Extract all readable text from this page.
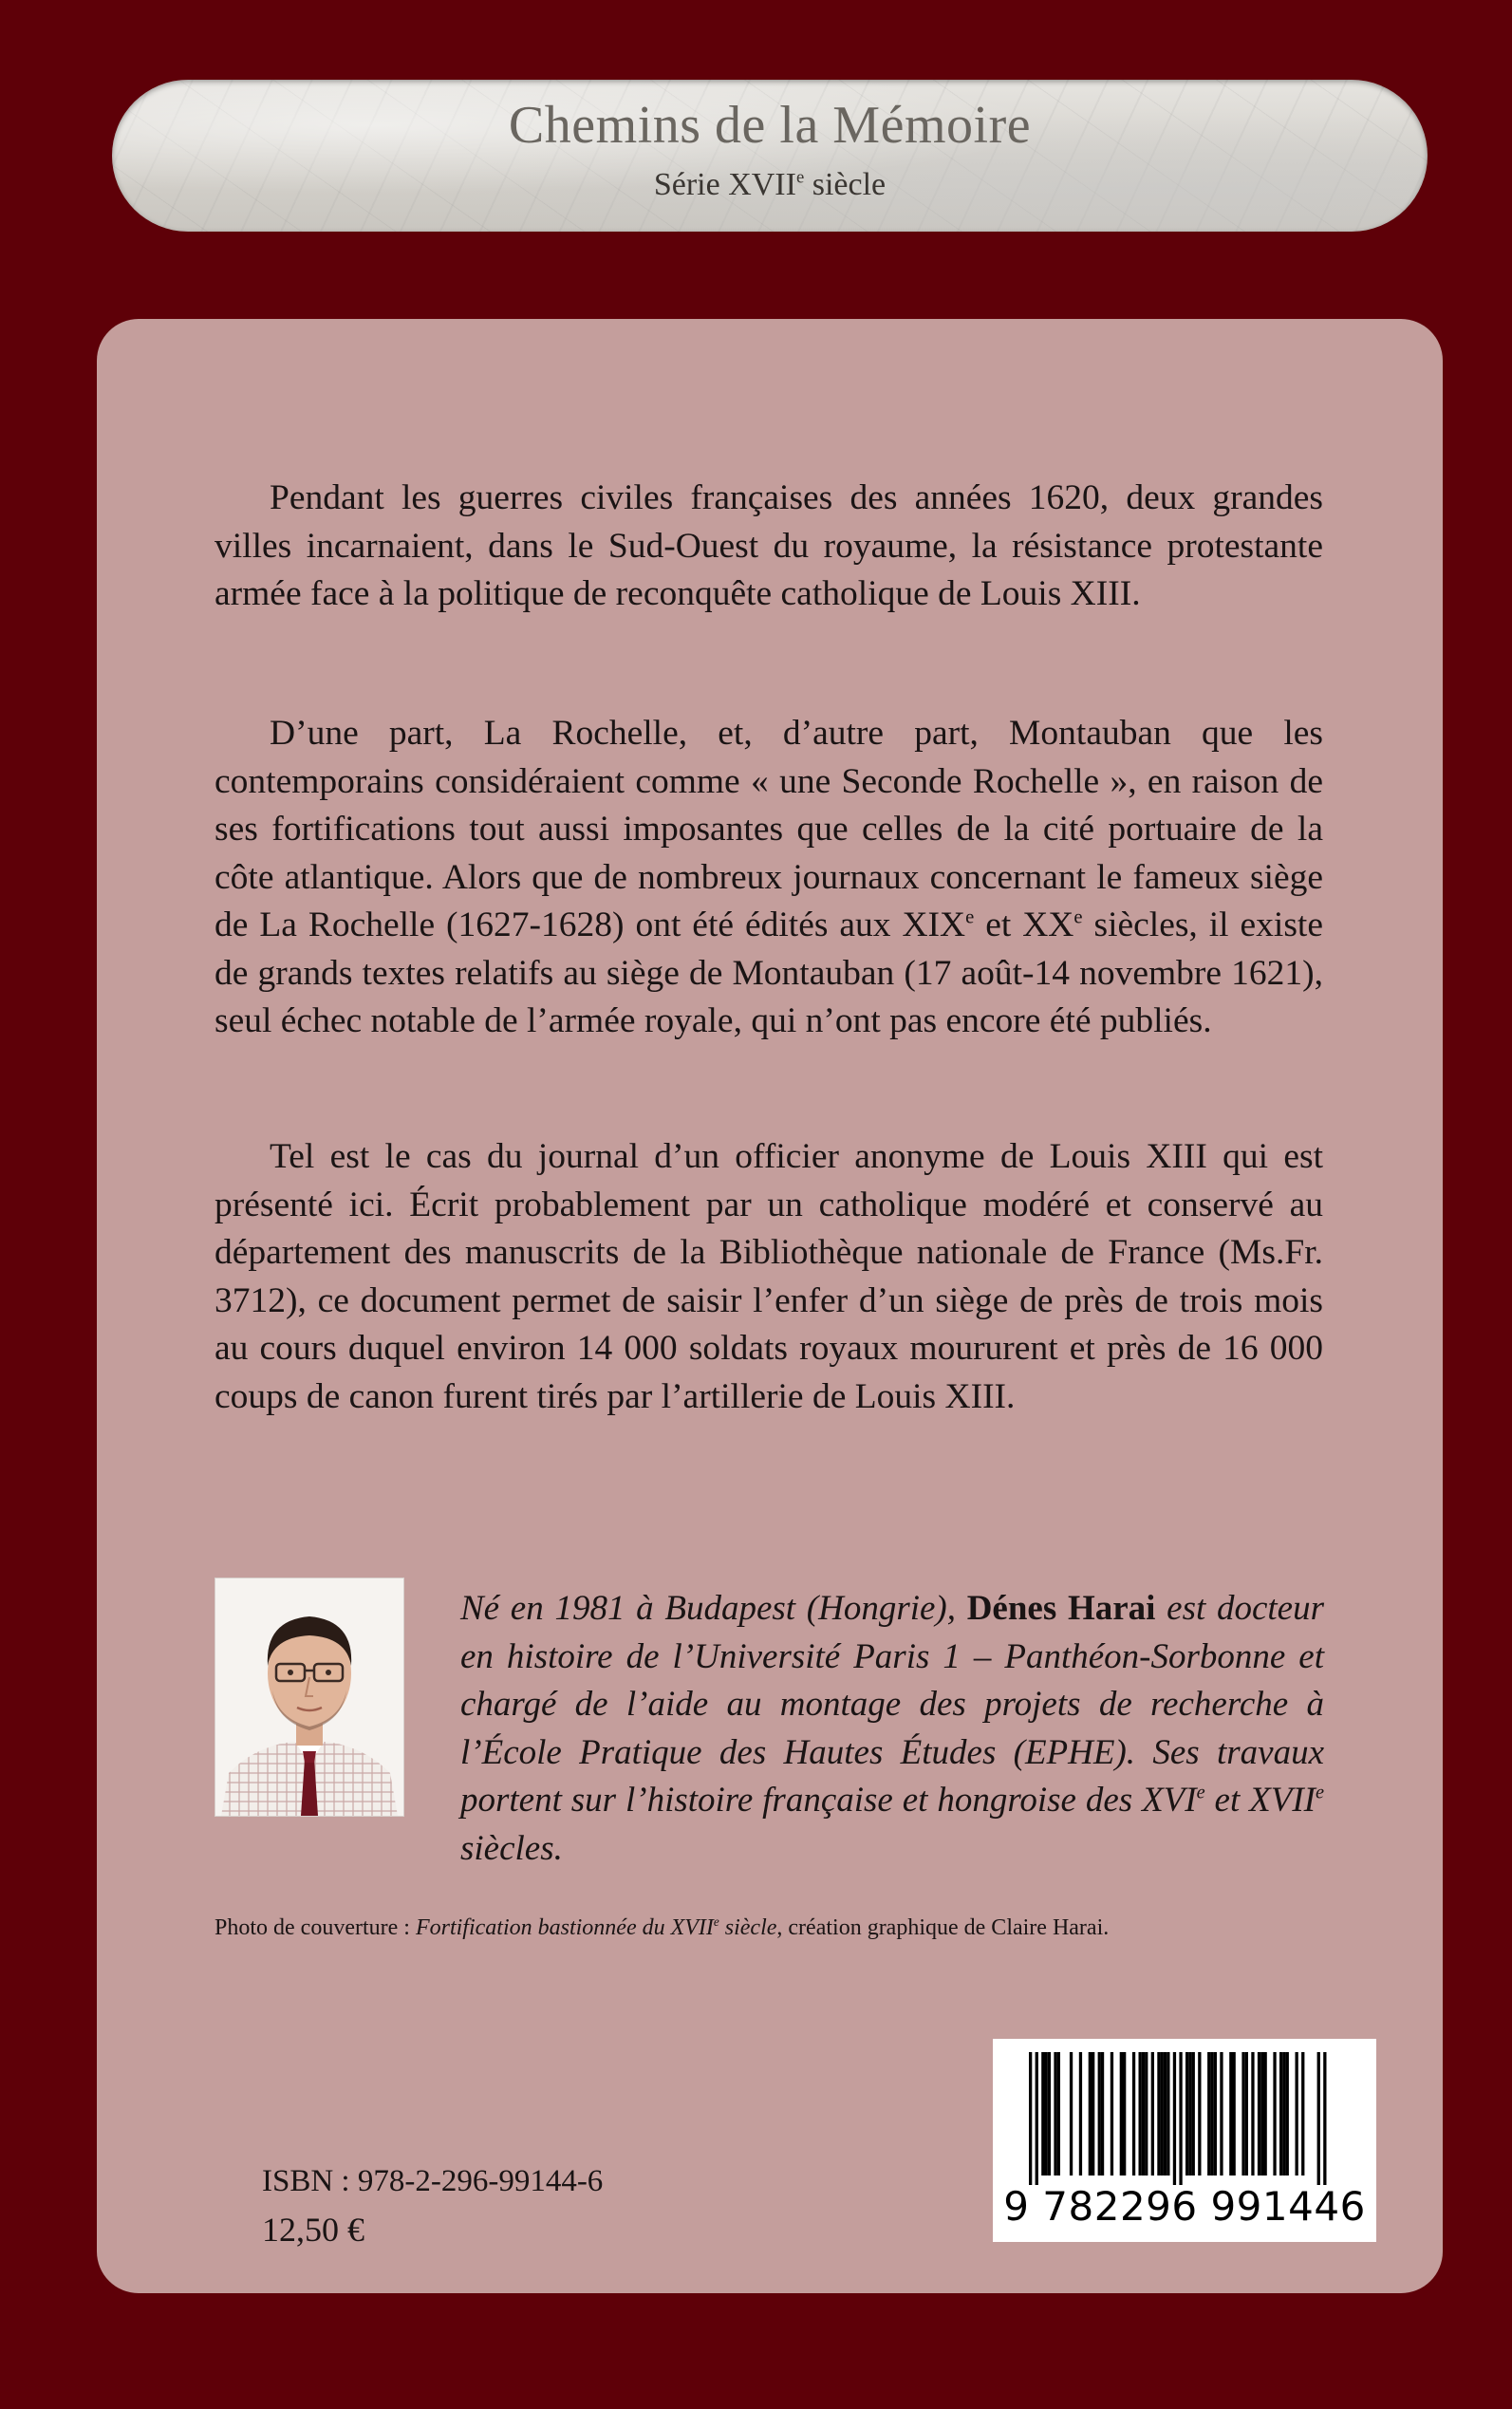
Chemins de la Mémoire
Série XVIIe siècle

Pendant les guerres civiles françaises des années 1620, deux grandes villes incarnaient, dans le Sud-Ouest du royaume, la résistance protestante armée face à la politique de reconquête catholique de Louis XIII.

D’une part, La Rochelle, et, d’autre part, Montauban que les contemporains considéraient comme « une Seconde Rochelle », en raison de ses fortifications tout aussi imposantes que celles de la cité portuaire de la côte atlantique. Alors que de nombreux journaux concernant le fameux siège de La Rochelle (1627-1628) ont été édités aux XIXe et XXe siècles, il existe de grands textes relatifs au siège de Montauban (17 août-14 novembre 1621), seul échec notable de l’armée royale, qui n’ont pas encore été publiés.

Tel est le cas du journal d’un officier anonyme de Louis XIII qui est présenté ici. Écrit probablement par un catholique modéré et conservé au département des manuscrits de la Bibliothèque nationale de France (Ms.Fr. 3712), ce document permet de saisir l’enfer d’un siège de près de trois mois au cours duquel environ 14 000 soldats royaux moururent et près de 16 000 coups de canon furent tirés par l’artillerie de Louis XIII.

Né en 1981 à Budapest (Hongrie), Dénes Harai est docteur en histoire de l’Université Paris 1 – Panthéon-Sorbonne et chargé de l’aide au montage des projets de recherche à l’École Pratique des Hautes Études (EPHE). Ses travaux portent sur l’histoire française et hongroise des XVIe et XVIIe siècles.

Photo de couverture : Fortification bastionnée du XVIIe siècle, création graphique de Claire Harai.

9 782296 991446

ISBN : 978-2-296-99144-6

12,50 €
